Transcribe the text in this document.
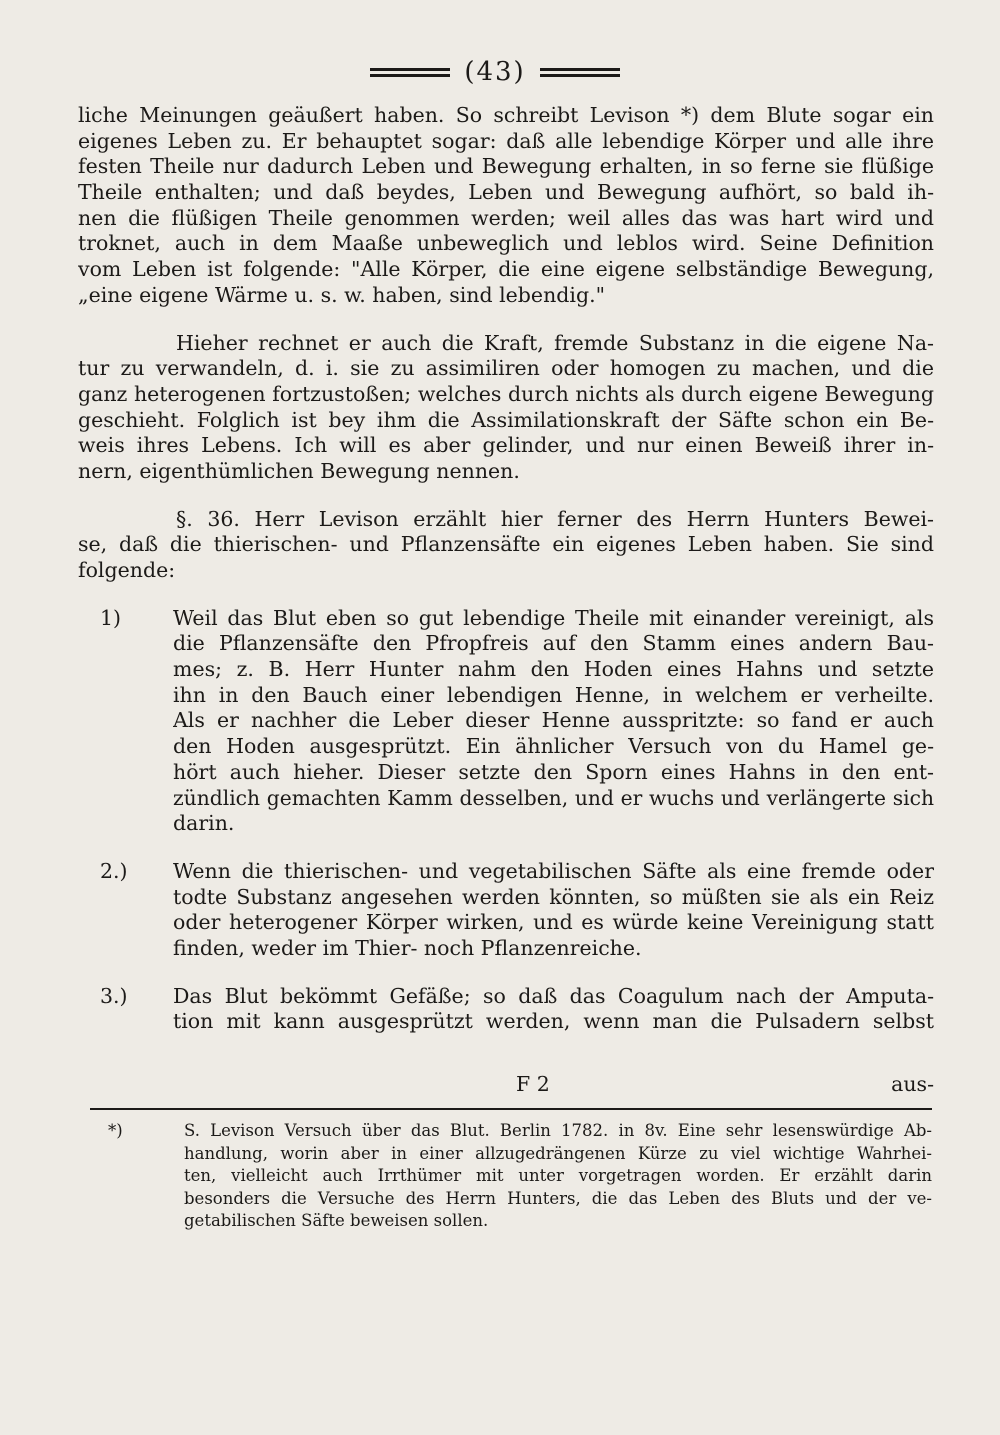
(43)
liche Meinungen geäußert haben. So schreibt Levison *) dem Blute sogar ein
eigenes Leben zu. Er behauptet sogar: daß alle lebendige Körper und alle ihre
festen Theile nur dadurch Leben und Bewegung erhalten, in so ferne sie flüßige
Theile enthalten; und daß beydes, Leben und Bewegung aufhört, so bald ih-
nen die flüßigen Theile genommen werden; weil alles das was hart wird und
troknet, auch in dem Maaße unbeweglich und leblos wird. Seine Definition
vom Leben ist folgende: "Alle Körper, die eine eigene selbständige Bewegung,
„eine eigene Wärme u. s. w. haben, sind lebendig."
Hieher rechnet er auch die Kraft, fremde Substanz in die eigene Na-
tur zu verwandeln, d. i. sie zu assimiliren oder homogen zu machen, und die
ganz heterogenen fortzustoßen; welches durch nichts als durch eigene Bewegung
geschieht. Folglich ist bey ihm die Assimilationskraft der Säfte schon ein Be-
weis ihres Lebens. Ich will es aber gelinder, und nur einen Beweiß ihrer in-
nern, eigenthümlichen Bewegung nennen.
§. 36. Herr Levison erzählt hier ferner des Herrn Hunters Bewei-
se, daß die thierischen- und Pflanzensäfte ein eigenes Leben haben. Sie sind
folgende:
1)	Weil das Blut eben so gut lebendige Theile mit einander vereinigt, als
die Pflanzensäfte den Pfropfreis auf den Stamm eines andern Bau-
mes; z. B. Herr Hunter nahm den Hoden eines Hahns und setzte
ihn in den Bauch einer lebendigen Henne, in welchem er verheilte.
Als er nachher die Leber dieser Henne ausspritzte: so fand er auch
den Hoden ausgesprützt. Ein ähnlicher Versuch von du Hamel ge-
hört auch hieher. Dieser setzte den Sporn eines Hahns in den ent-
zündlich gemachten Kamm desselben, und er wuchs und verlängerte sich
darin.
2.) Wenn die thierischen- und vegetabilischen Säfte als eine fremde oder
todte Substanz angesehen werden könnten, so müßten sie als ein Reiz
oder heterogener Körper wirken, und es würde keine Vereinigung statt
finden, weder im Thier- noch Pflanzenreiche.
3.) Das Blut bekömmt Gefäße; so daß das Coagulum nach der Amputa-
tion mit kann ausgesprützt werden, wenn man die Pulsadern selbst
F 2	aus-
*)	S. Levison Versuch über das Blut. Berlin 1782. in 8v. Eine sehr lesenswürdige Ab-
handlung, worin aber in einer allzugedrängenen Kürze zu viel wichtige Wahrhei-
ten, vielleicht auch Irrthümer mit unter vorgetragen worden. Er erzählt darin
besonders die Versuche des Herrn Hunters, die das Leben des Bluts und der ve-
getabilischen Säfte beweisen sollen.
